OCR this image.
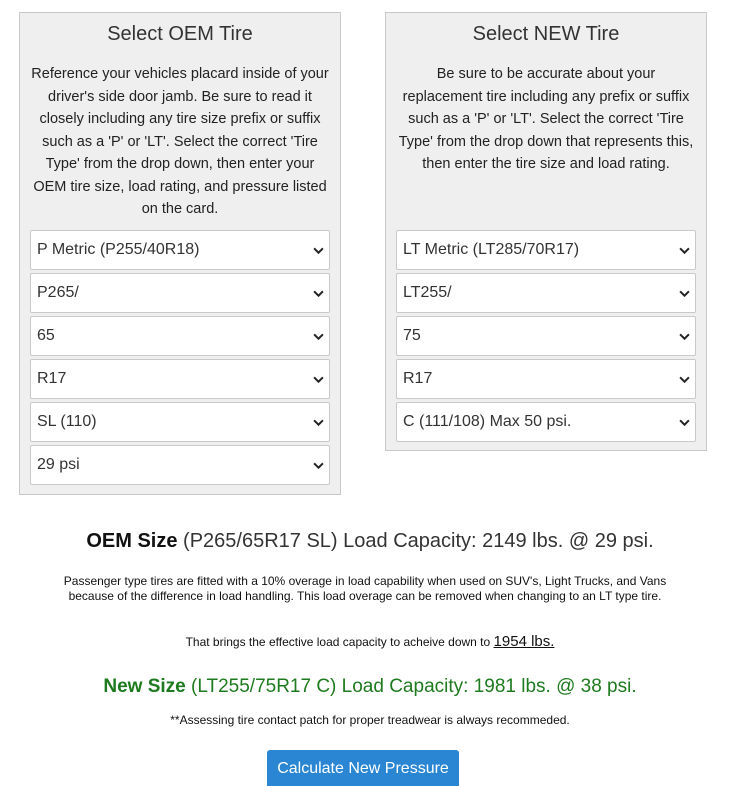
Select OEM Tire
Reference your vehicles placard inside of your driver's side door jamb. Be sure to read it closely including any tire size prefix or suffix such as a 'P' or 'LT'. Select the correct 'Tire Type' from the drop down, then enter your OEM tire size, load rating, and pressure listed on the card.
P Metric (P255/40R18)
P265/
65
R17
SL (110)
29 psi
Select NEW Tire
Be sure to be accurate about your replacement tire including any prefix or suffix such as a 'P' or 'LT'. Select the correct 'Tire Type' from the drop down that represents this, then enter the tire size and load rating.
LT Metric (LT285/70R17)
LT255/
75
R17
C (111/108) Max 50 psi.
OEM Size (P265/65R17 SL) Load Capacity: 2149 lbs. @ 29 psi.
Passenger type tires are fitted with a 10% overage in load capability when used on SUV's, Light Trucks, and Vans because of the difference in load handling. This load overage can be removed when changing to an LT type tire.
That brings the effective load capacity to acheive down to 1954 lbs.
New Size (LT255/75R17 C) Load Capacity: 1981 lbs. @ 38 psi.
**Assessing tire contact patch for proper treadwear is always recommeded.
Calculate New Pressure
